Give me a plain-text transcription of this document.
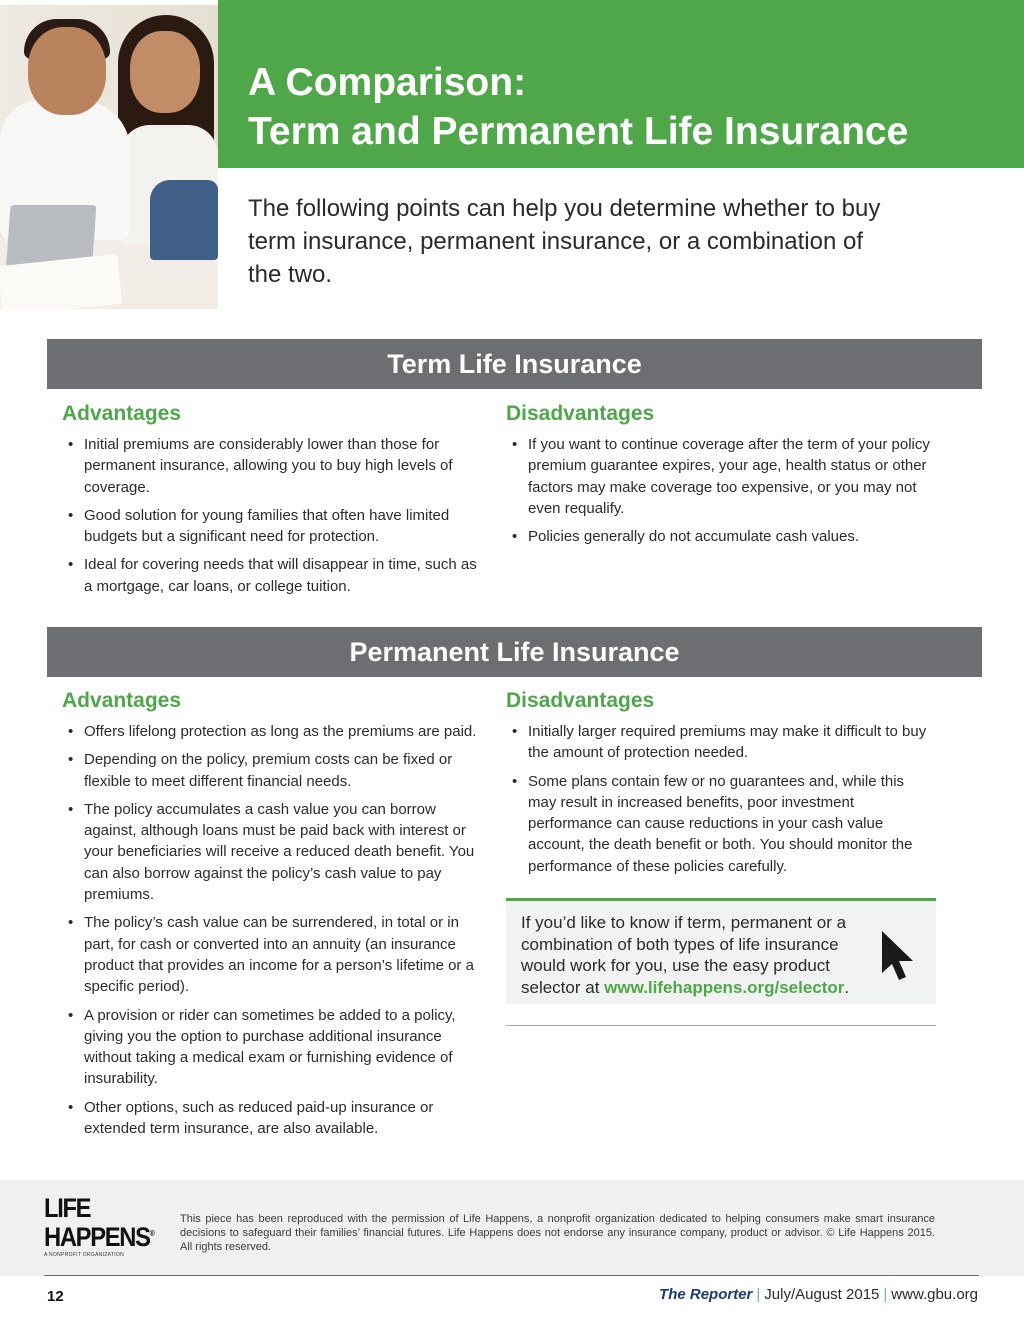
A Comparison:
Term and Permanent Life Insurance

The following points can help you determine whether to buy term insurance, permanent insurance, or a combination of the two.

Term Life Insurance
Advantages
• Initial premiums are considerably lower than those for permanent insurance, allowing you to buy high levels of coverage.
• Good solution for young families that often have limited budgets but a significant need for protection.
• Ideal for covering needs that will disappear in time, such as a mortgage, car loans, or college tuition.
Disadvantages
• If you want to continue coverage after the term of your policy premium guarantee expires, your age, health status or other factors may make coverage too expensive, or you may not even requalify.
• Policies generally do not accumulate cash values.
Permanent Life Insurance
Advantages
• Offers lifelong protection as long as the premiums are paid.
• Depending on the policy, premium costs can be fixed or flexible to meet different financial needs.
• The policy accumulates a cash value you can borrow against, although loans must be paid back with interest or your beneficiaries will receive a reduced death benefit. You can also borrow against the policy’s cash value to pay premiums.
• The policy’s cash value can be surrendered, in total or in part, for cash or converted into an annuity (an insurance product that provides an income for a person’s lifetime or a specific period).
• A provision or rider can sometimes be added to a policy, giving you the option to purchase additional insurance without taking a medical exam or furnishing evidence of insurability.
• Other options, such as reduced paid-up insurance or extended term insurance, are also available.
Disadvantages
• Initially larger required premiums may make it difficult to buy the amount of protection needed.
• Some plans contain few or no guarantees and, while this may result in increased benefits, poor investment performance can cause reductions in your cash value account, the death benefit or both. You should monitor the performance of these policies carefully.

If you’d like to know if term, permanent or a combination of both types of life insurance would work for you, use the easy product selector at www.lifehappens.org/selector.

LIFE
HAPPENS®
A NONPROFIT ORGANIZATION

This piece has been reproduced with the permission of Life Happens, a nonprofit organization dedicated to helping consumers make smart insurance decisions to safeguard their families’ financial futures. Life Happens does not endorse any insurance company, product or advisor. © Life Happens 2015. All rights reserved.

12	The Reporter | July/August 2015 | www.gbu.org
